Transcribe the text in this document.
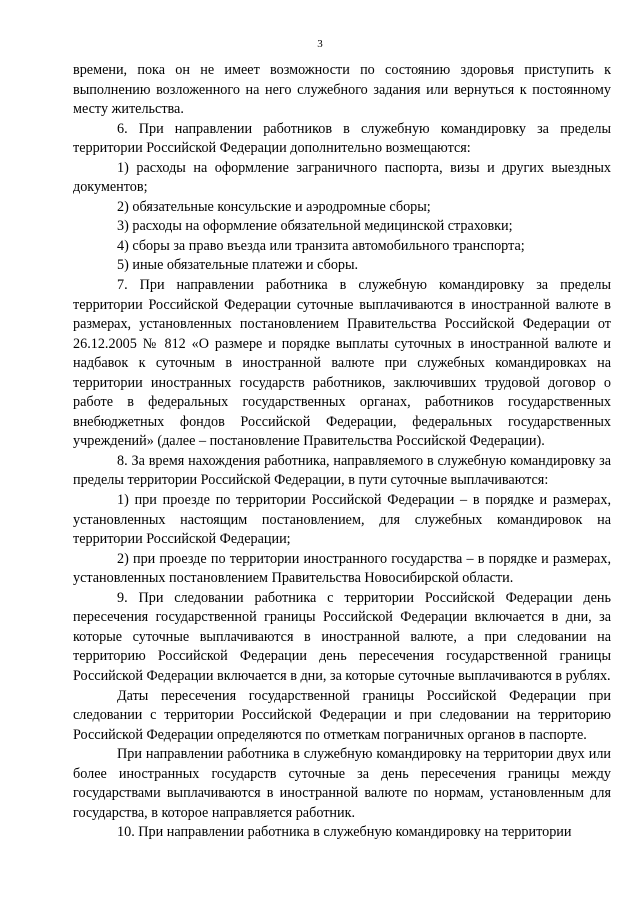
3

времени, пока он не имеет возможности по состоянию здоровья приступить к выполнению возложенного на него служебного задания или вернуться к постоянному месту жительства.

6. При направлении работников в служебную командировку за пределы территории Российской Федерации дополнительно возмещаются:

1) расходы на оформление заграничного паспорта, визы и других выездных документов;

2) обязательные консульские и аэродромные сборы;

3) расходы на оформление обязательной медицинской страховки;

4) сборы за право въезда или транзита автомобильного транспорта;

5) иные обязательные платежи и сборы.

7. При направлении работника в служебную командировку за пределы территории Российской Федерации суточные выплачиваются в иностранной валюте в размерах, установленных постановлением Правительства Российской Федерации от 26.12.2005 № 812 «О размере и порядке выплаты суточных в иностранной валюте и надбавок к суточным в иностранной валюте при служебных командировках на территории иностранных государств работников, заключивших трудовой договор о работе в федеральных государственных органах, работников государственных внебюджетных фондов Российской Федерации, федеральных государственных учреждений» (далее – постановление Правительства Российской Федерации).

8. За время нахождения работника, направляемого в служебную командировку за пределы территории Российской Федерации, в пути суточные выплачиваются:

1) при проезде по территории Российской Федерации – в порядке и размерах, установленных настоящим постановлением, для служебных командировок на территории Российской Федерации;

2) при проезде по территории иностранного государства – в порядке и размерах, установленных постановлением Правительства Новосибирской области.

9. При следовании работника с территории Российской Федерации день пересечения государственной границы Российской Федерации включается в дни, за которые суточные выплачиваются в иностранной валюте, а при следовании на территорию Российской Федерации день пересечения государственной границы Российской Федерации включается в дни, за которые суточные выплачиваются в рублях.

Даты пересечения государственной границы Российской Федерации при следовании с территории Российской Федерации и при следовании на территорию Российской Федерации определяются по отметкам пограничных органов в паспорте.

При направлении работника в служебную командировку на территории двух или более иностранных государств суточные за день пересечения границы между государствами выплачиваются в иностранной валюте по нормам, установленным для государства, в которое направляется работник.

10. При направлении работника в служебную командировку на территории
